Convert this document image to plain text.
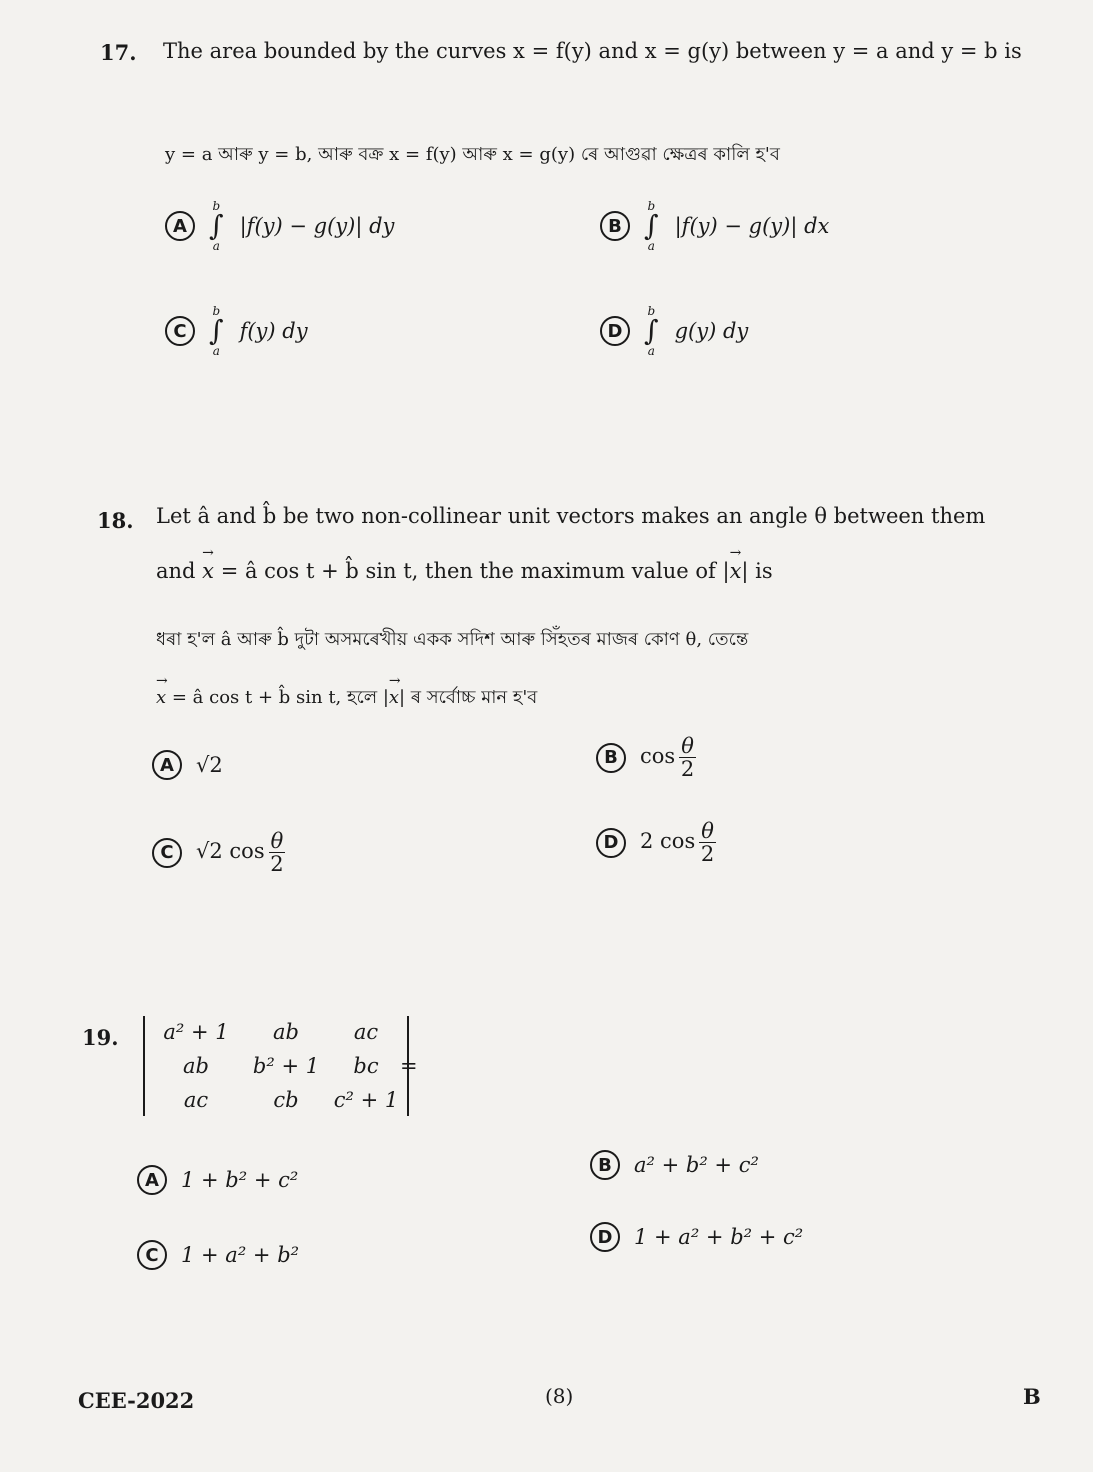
17. The area bounded by the curves x = f(y) and x = g(y) between y = a and y = b is
y = a আৰু y = b, আৰু বক্ৰ x = f(y) আৰু x = g(y) ৰে আগুৱা ক্ষেত্ৰৰ কালি হ'ব
A
b
∫
a
|f(y) − g(y)| dy	B
b
∫
a
|f(y) − g(y)| dx
C
b
∫
a
f(y) dy	D
b
∫
a
g(y) dy
18. Let â and b̂ be two non-collinear unit vectors makes an angle θ between them
and → x = â cos t + b̂ sin t, then the maximum value of |→ x| is
ধৰা হ'ল â আৰু b̂ দুটা অসমৰেখীয় একক সদিশ আৰু সিঁহতৰ মাজৰ কোণ θ, তেন্তে
→ x = â cos t + b̂ sin t, হলে |→ x| ৰ সৰ্বোচ্চ মান হ'ব
A	√2	B	$\cos \frac{\theta}{2}$
C	√2 $\cos \frac{\theta}{2}$	D	2 $\cos \frac{\theta}{2}$
19.	a² + 1	ab	ac
ab	b² + 1	bc
ac	cb	c² + 1
=
A	1 + b² + c²
B	a² + b² + c²
C	1 + a² + b²
D	1 + a² + b² + c²
CEE-2022	(8)	B
